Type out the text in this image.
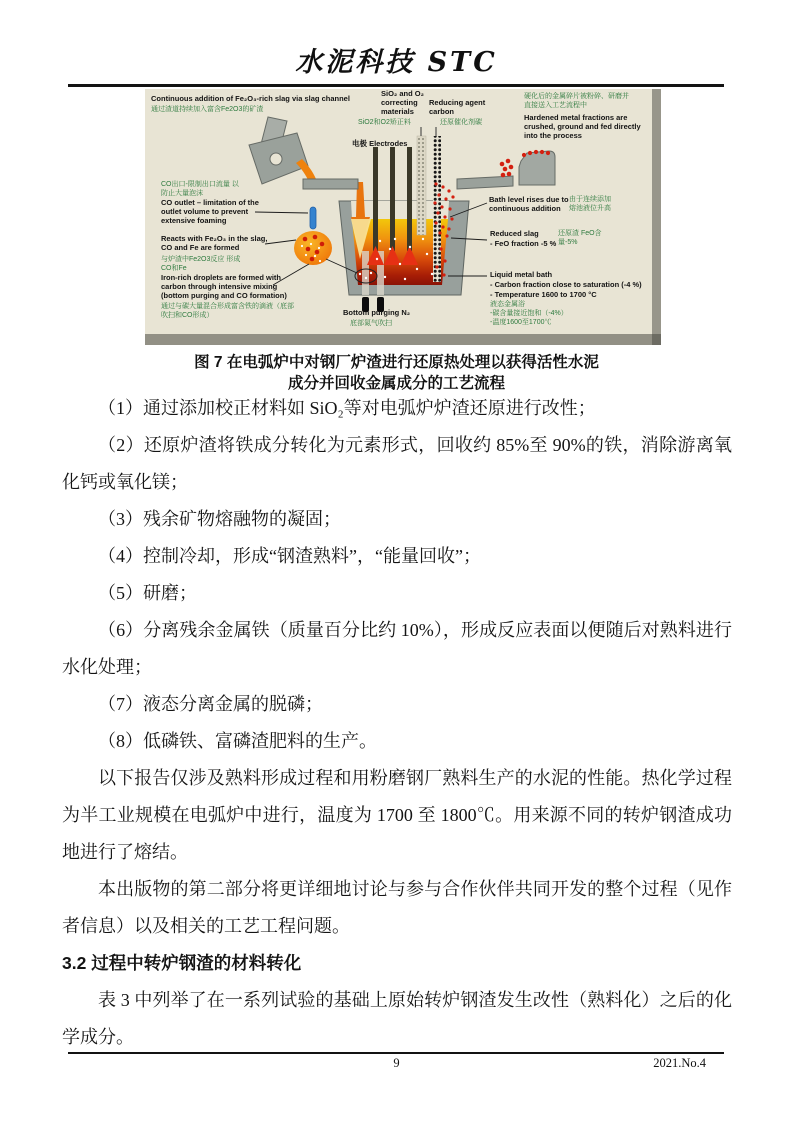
水泥科技 STC
Continuous addition of Fe₂O₃-rich slag via slag channel
通过渣道持续加入富含Fe2O3的矿渣
SiO₂ and O₂ correcting materials
SiO2和O2矫正料
Reducing agent carbon
还原催化剂碳
硬化后的金属碎片被粉碎、研磨并直接送入工艺流程中
Hardened metal fractions are crushed, ground and fed directly into the process
电极 Electrodes
CO出口-限制出口流量 以防止大量泡沫
CO outlet – limitation of the outlet volume to prevent extensive foaming
Reacts with Fe₂O₃ in the slag, CO and Fe are formed
与炉渣中Fe2O3反应 形成CO和Fe
Iron-rich droplets are formed with carbon through intensive mixing (bottom purging and CO formation)
通过与碳大量混合形成富含铁的滴液（底部吹扫和CO形成）
Bath level rises due to continuous addition
由于连续添加 熔池液位升高
Reduced slag
- FeO fraction -5 %
还原渣 FeO含量-5%
Liquid metal bath
- Carbon fraction close to saturation (-4 %)
- Temperature 1600 to 1700 °C
液态金属浴
-碳含量接近饱和（-4%）
-温度1600至1700℃
Bottom purging N₂
底部氮气吹扫
图 7 在电弧炉中对钢厂炉渣进行还原热处理以获得活性水泥
成分并回收金属成分的工艺流程

（1）通过添加校正材料如 SiO₂等对电弧炉炉渣还原进行改性；

（2）还原炉渣将铁成分转化为元素形式，回收约 85%至 90%的铁，消除游离氧化钙或氧化镁；

（3）残余矿物熔融物的凝固；

（4）控制冷却，形成“钢渣熟料”，“能量回收”；

（5）研磨；

（6）分离残余金属铁（质量百分比约 10%），形成反应表面以便随后对熟料进行水化处理；

（7）液态分离金属的脱磷；

（8）低磷铁、富磷渣肥料的生产。

以下报告仅涉及熟料形成过程和用粉磨钢厂熟料生产的水泥的性能。热化学过程为半工业规模在电弧炉中进行，温度为 1700 至 1800℃。用来源不同的转炉钢渣成功地进行了熔结。

本出版物的第二部分将更详细地讨论与参与合作伙伴共同开发的整个过程（见作者信息）以及相关的工艺工程问题。

3.2 过程中转炉钢渣的材料转化

表 3 中列举了在一系列试验的基础上原始转炉钢渣发生改性（熟料化）之后的化学成分。

9	2021.No.4
